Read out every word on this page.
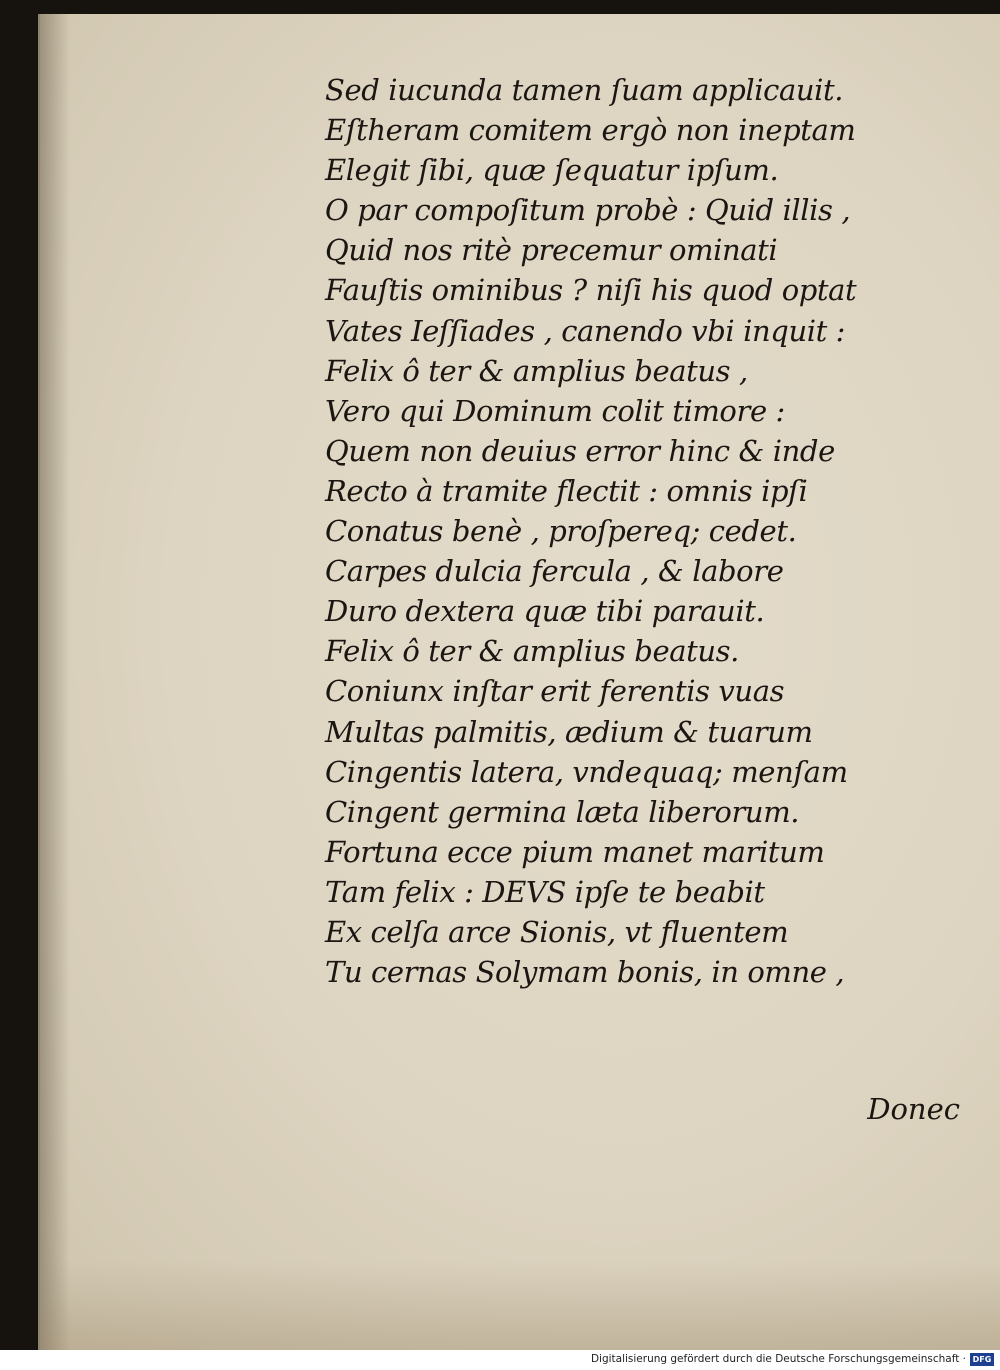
Sed iucunda tamen ſuam applicauit.
Eſtheram comitem ergò non ineptam
Elegit ſibi, quæ ſequatur ipſum.
O par compoſitum probè : Quid illis ,
Quid nos ritè precemur ominati
Fauſtis ominibus ? niſi his quod optat
Vates Ieſſiades , canendo vbi inquit :
Felix ô ter & amplius beatus ,
Vero qui Dominum colit timore :
Quem non deuius error hinc & inde
Recto à tramite flectit : omnis ipſi
Conatus benè , proſpereq; cedet.
Carpes dulcia fercula , & labore
Duro dextera quæ tibi parauit.
Felix ô ter & amplius beatus.
Coniunx inſtar erit ferentis vuas
Multas palmitis, ædium & tuarum
Cingentis latera, vndequaq; menſam
Cingent germina læta liberorum.
Fortuna ecce pium manet maritum
Tam felix : DEVS ipſe te beabit
Ex celſa arce Sionis, vt fluentem
Tu cernas Solymam bonis, in omne ,
Donec
Digitalisierung gefördert durch die Deutsche Forschungsgemeinschaft · DFG
